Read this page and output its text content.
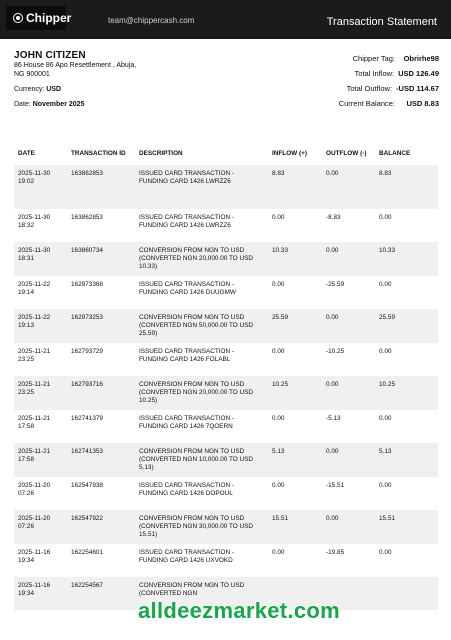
Chipper	team@chippercash.com	Transaction Statement
JOHN CITIZEN
86 House 86 Apo Resettlement , Abuja, NG 900001
Currency: USD
Date: November 2025
Chipper Tag: Obrirhe98
Total Inflow: USD 126.49
Total Outflow: -USD 114.67
Current Balance: USD 8.83
DATE	TRANSACTION ID	DESCRIPTION	INFLOW (+)	OUTFLOW (-)	BALANCE
2025-11-30 19:02	163862853	ISSUED CARD TRANSACTION - FUNDING CARD 1426 LWRZZ6	8.83	0.00	8.83
2025-11-30 18:32	163862853	ISSUED CARD TRANSACTION - FUNDING CARD 1426 LWRZZ6	0.00	-8.83	0.00
2025-11-30 18:31	163860734	CONVERSION FROM NGN TO USD (CONVERTED NGN 20,000.00 TO USD 10.33)	10.33	0.00	10.33
2025-11-22 19:14	162973368	ISSUED CARD TRANSACTION - FUNDING CARD 1426 DUUGMW	0.00	-25.59	0.00
2025-11-22 19:13	162973253	CONVERSION FROM NGN TO USD (CONVERTED NGN 50,000.00 TO USD 25.59)	25.59	0.00	25.59
2025-11-21 23:25	162793729	ISSUED CARD TRANSACTION - FUNDING CARD 1426 FOLABL	0.00	-10.25	0.00
2025-11-21 23:25	162793716	CONVERSION FROM NGN TO USD (CONVERTED NGN 20,000.00 TO USD 10.25)	10.25	0.00	10.25
2025-11-21 17:58	162741379	ISSUED CARD TRANSACTION - FUNDING CARD 1426 7QOERN	0.00	-5.13	0.00
2025-11-21 17:58	162741353	CONVERSION FROM NGN TO USD (CONVERTED NGN 10,000.00 TO USD 5.13)	5.13	0.00	5.13
2025-11-20 07:26	162547938	ISSUED CARD TRANSACTION - FUNDING CARD 1426 DOPOUL	0.00	-15.51	0.00
2025-11-20 07:26	162547922	CONVERSION FROM NGN TO USD (CONVERTED NGN 30,000.00 TO USD 15.51)	15.51	0.00	15.51
2025-11-16 19:34	162254601	ISSUED CARD TRANSACTION - FUNDING CARD 1426 UXVOKD	0.00	-19.85	0.00
2025-11-16 19:34	162254567	CONVERSION FROM NGN TO USD (CONVERTED NGN			
alldeezmarket.com
